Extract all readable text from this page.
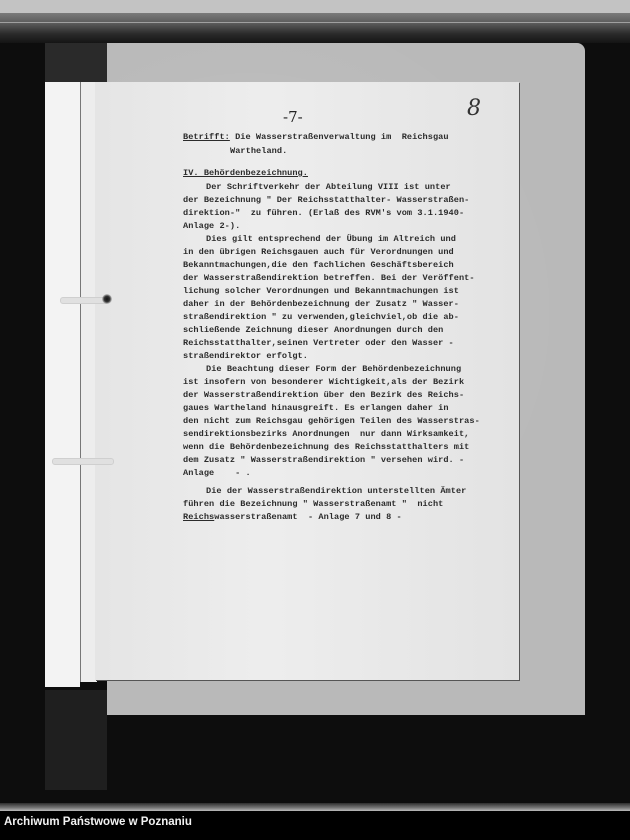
-7-	8
Betrifft: Die Wasserstraßenverwaltung im  Reichsgau
Wartheland.
IV. Behördenbezeichnung.
Der Schriftverkehr der Abteilung VIII ist unter
der Bezeichnung " Der Reichsstatthalter- Wasserstraßen-
direktion-"  zu führen. (Erlaß des RVM's vom 3.1.1940-
Anlage 2-).
Dies gilt entsprechend der Übung im Altreich und
in den übrigen Reichsgauen auch für Verordnungen und
Bekanntmachungen,die den fachlichen Geschäftsbereich
der Wasserstraßendirektion betreffen. Bei der Veröffent-
lichung solcher Verordnungen und Bekanntmachungen ist
daher in der Behördenbezeichnung der Zusatz " Wasser-
straßendirektion " zu verwenden,gleichviel,ob die ab-
schließende Zeichnung dieser Anordnungen durch den
Reichsstatthalter,seinen Vertreter oder den Wasser -
straßendirektor erfolgt.
Die Beachtung dieser Form der Behördenbezeichnung
ist insofern von besonderer Wichtigkeit,als der Bezirk
der Wasserstraßendirektion über den Bezirk des Reichs-
gaues Wartheland hinausgreift. Es erlangen daher in
den nicht zum Reichsgau gehörigen Teilen des Wasserstras-
sendirektionsbezirks Anordnungen  nur dann Wirksamkeit,
wenn die Behördenbezeichnung des Reichsstatthalters mit
dem Zusatz " Wasserstraßendirektion " versehen wird. -
Anlage    - .
Die der Wasserstraßendirektion unterstellten Ämter
führen die Bezeichnung " Wasserstraßenamt "  nicht
Reichswasserstraßenamt  - Anlage 7 und 8 -
Archiwum Państwowe w Poznaniu
